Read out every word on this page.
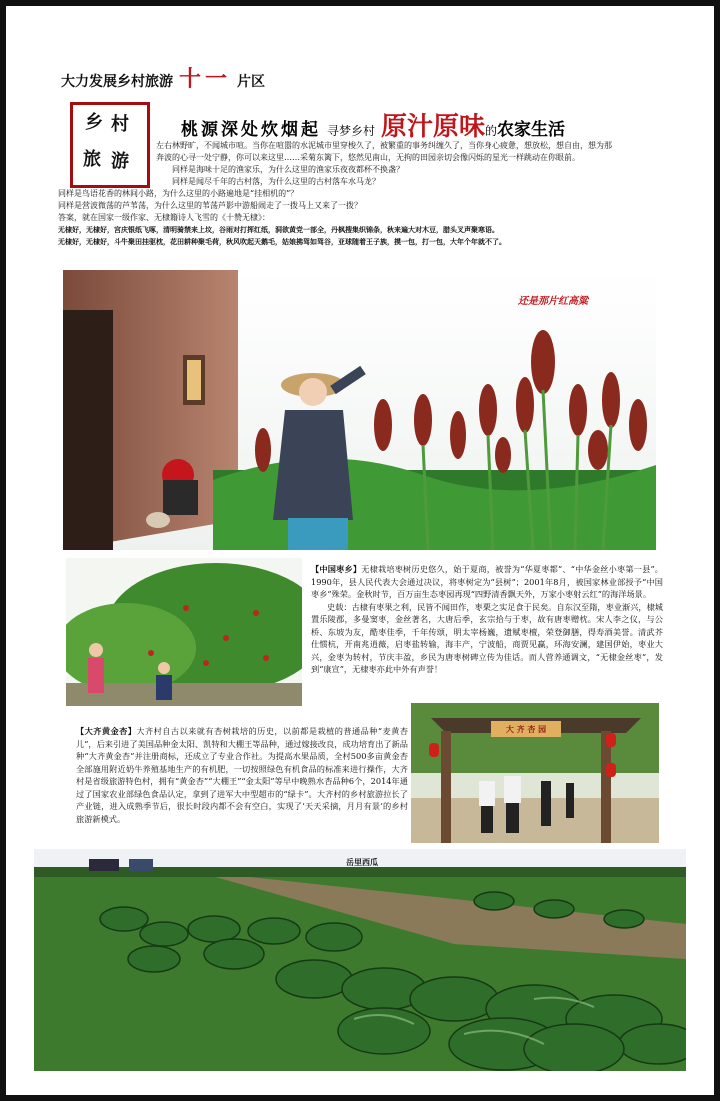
大力发展乡村旅游 十一 片区
乡 村
旅 游
桃源深处炊烟起 寻梦乡村 原汁原味的农家生活
左右林野旷，不闻城市喧。当你在喧嚣的水泥城市里穿梭久了，被繁重的事务纠缠久了，当你身心疲惫，想放松，想自由，想为那
奔波的心寻一处宁静，你可以来这里……采菊东篱下，悠然见南山，无拘的田园亲切会像闪烁的星光一样跳动在你眼前。
同样是海味十足的渔家乐，为什么这里的渔家乐夜夜都杯不换盏？
同样是闻尽千年的古村落，为什么这里的古村落车水马龙？
同样是鸟语花香的林间小路，为什么这里的小路遍地是“挂相机的”？
同样是营波微荡的芦苇荡，为什么这里的苇荡芦影中游船闹走了一拨马上又来了一拨？
答案，就在国家一级作家、无棣籍诗人飞雪的《十赞无棣》：
无棣好，无棣好，宫庆银纸飞啄，清明骑禁来上坟，谷雨对打挥红纸，洞欲黄党一部全，丹枫搜集织锦条，秋来遍大对木豆，腊头叉声聚寒语。
无棣好，无棣好，斗牛聚田挂驱枕，花田耕种聚毛荷，秋风吹起天鹅毛，姑娘拂驾如驾谷，亚球随着王子族，摸一包，打一包，大年个年就不了。
还是那片红高粱
【中国枣乡】无棣栽培枣树历史悠久，始于夏商，被誉为“华夏枣都”、“中华金丝小枣第一县”。1990年，县人民代表大会通过决议，将枣树定为“县树”；2001年8月，被国家林业部授予“中国枣乡”殊荣。金秋时节，百万亩生态枣园再现“四野清香飘天外，万家小枣射云红”的海洋场景。
史载：古棣有枣果之利，民皆不闻田作，枣栗之实足食于民矣。自东汉至隋，枣业渐兴，棣城置乐陵郡，多曼窦枣，金丝著名，大唐后季，玄宗拾与于枣，故有唐枣赠枕。宋人李之仪，与公桥、东坡为友，酷枣佳季，千年传颂，明太宰杨巍，遗赋枣檀，荣登御膳，得寿酒美誉。清武芥仕惯杭，开南兆逍薇，启枣盐转输，海丰产，宁波船，商贾见赢，环海安澜，建国伊始，枣业大兴，金枣为转村，节庆丰盈，乡民为唐枣树碑立传为佳话。而人营养通调文，“无棣金丝枣”，发到“康宣”，无棣枣亦此中外有声誉！
【大齐黄金杏】大齐村自古以来就有杏树栽培的历史，以前都是栽植的普通品种“麦黄杏儿”，后来引进了美国品种金太阳、凯特和大棚王等品种，通过嫁接改良，成功培育出了新品种“大齐黄金杏”并注册商标，还成立了专业合作社。为提高水果品质，全村500多亩黄金杏全部施用附近奶牛养殖基地生产的有机肥，一切按照绿色有机食品的标准来进行操作，大齐村是省级旅游特色村，拥有“黄金杏”“大棚王”“金太阳”等早中晚熟水杏品种6个，2014年通过了国家农业部绿色食品认定，拿到了进军大中型超市的“绿卡”。大齐村的乡村旅游拉长了产业链，进入成熟季节后，很长时段内都不会有空白，实现了‘天天采摘，月月有景’的乡村旅游新模式。
大 齐 杏 园
岳里西瓜
